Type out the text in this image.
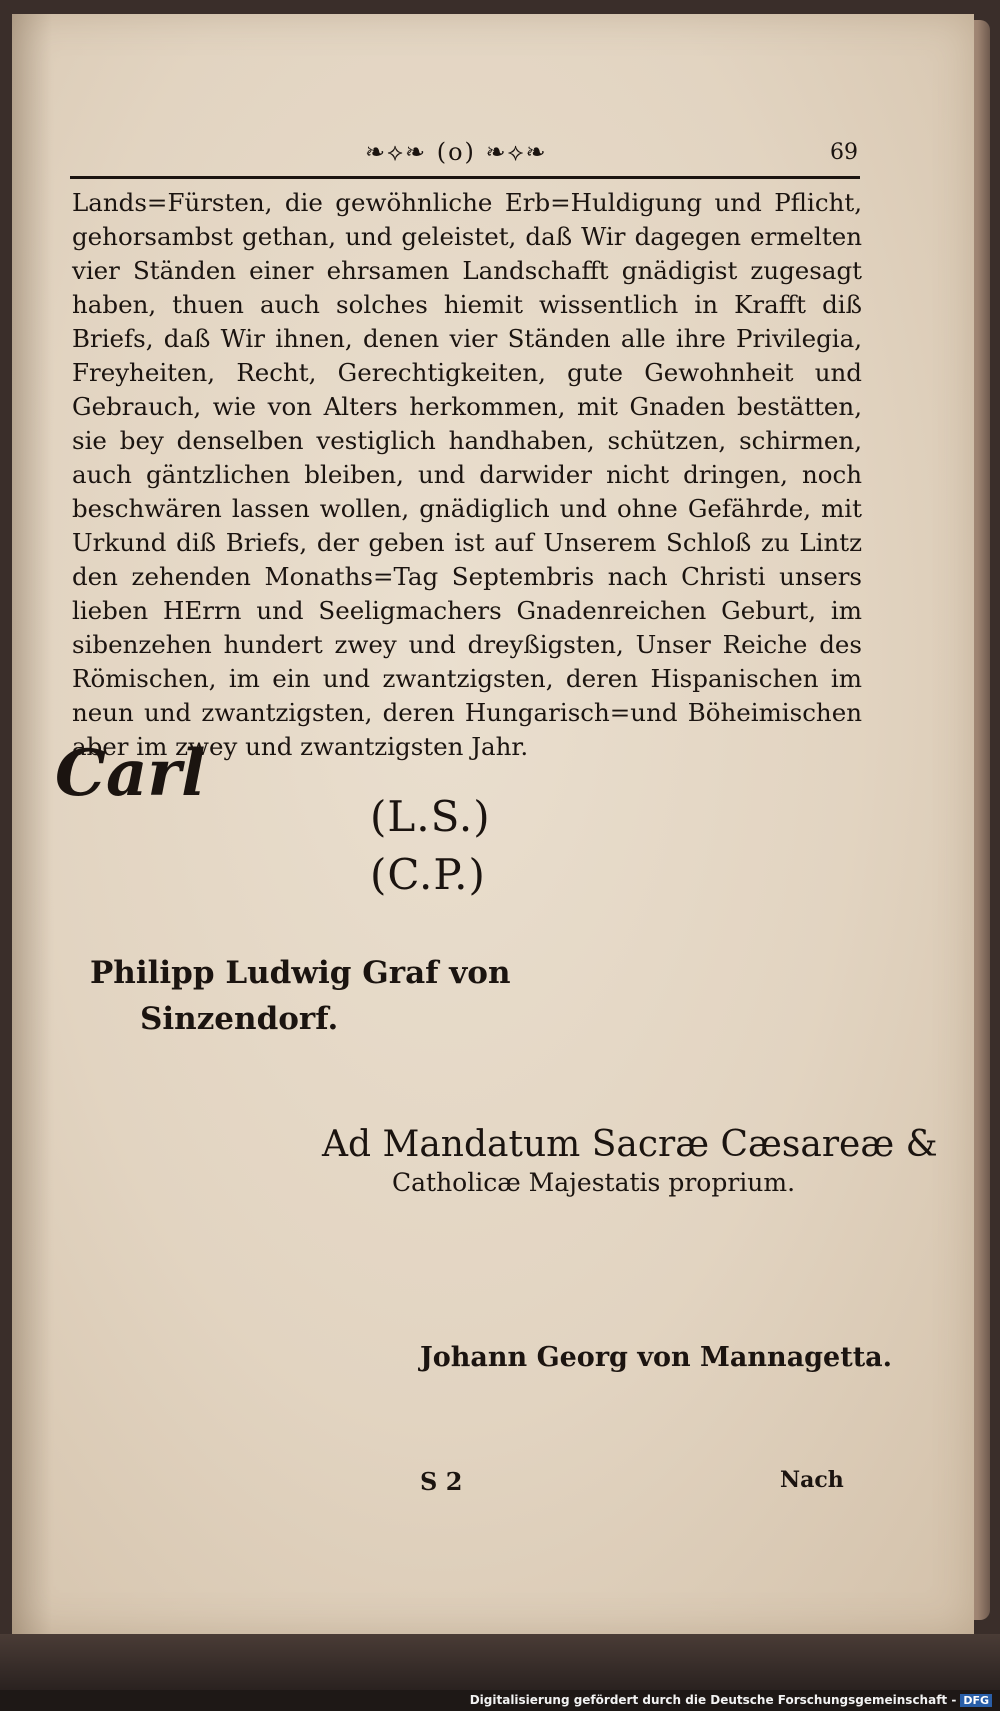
❧⟡❧ (o) ❧⟡❧	69

Lands=Fürsten, die gewöhnliche Erb=Huldigung und Pflicht, gehorsambst gethan, und geleistet, daß Wir dagegen ermelten vier Ständen einer ehrsamen Landschafft gnädigist zugesagt haben, thuen auch solches hiemit wissentlich in Krafft diß Briefs, daß Wir ihnen, denen vier Ständen alle ihre Privilegia, Freyheiten, Recht, Gerechtigkeiten, gute Gewohnheit und Gebrauch, wie von Alters herkommen, mit Gnaden bestätten, sie bey denselben vestiglich handhaben, schützen, schirmen, auch gäntzlichen bleiben, und darwider nicht dringen, noch beschwären lassen wollen, gnädiglich und ohne Gefährde, mit Urkund diß Briefs, der geben ist auf Unserem Schloß zu Lintz den zehenden Monaths=Tag Septembris nach Christi unsers lieben HErrn und Seeligmachers Gnadenreichen Geburt, im sibenzehen hundert zwey und dreyßigsten, Unser Reiche des Römischen, im ein und zwantzigsten, deren Hispanischen im neun und zwantzigsten, deren Hungarisch=und Böheimischen aber im zwey und zwantzigsten Jahr.

Carl
(L.S.)
(C.P.)
Philipp Ludwig Graf von
Sinzendorf.
Ad Mandatum Sacræ Cæsareæ &
Catholicæ Majestatis proprium.
Johann Georg von Mannagetta.
S 2	Nach
Digitalisierung gefördert durch die Deutsche Forschungsgemeinschaft - DFG
